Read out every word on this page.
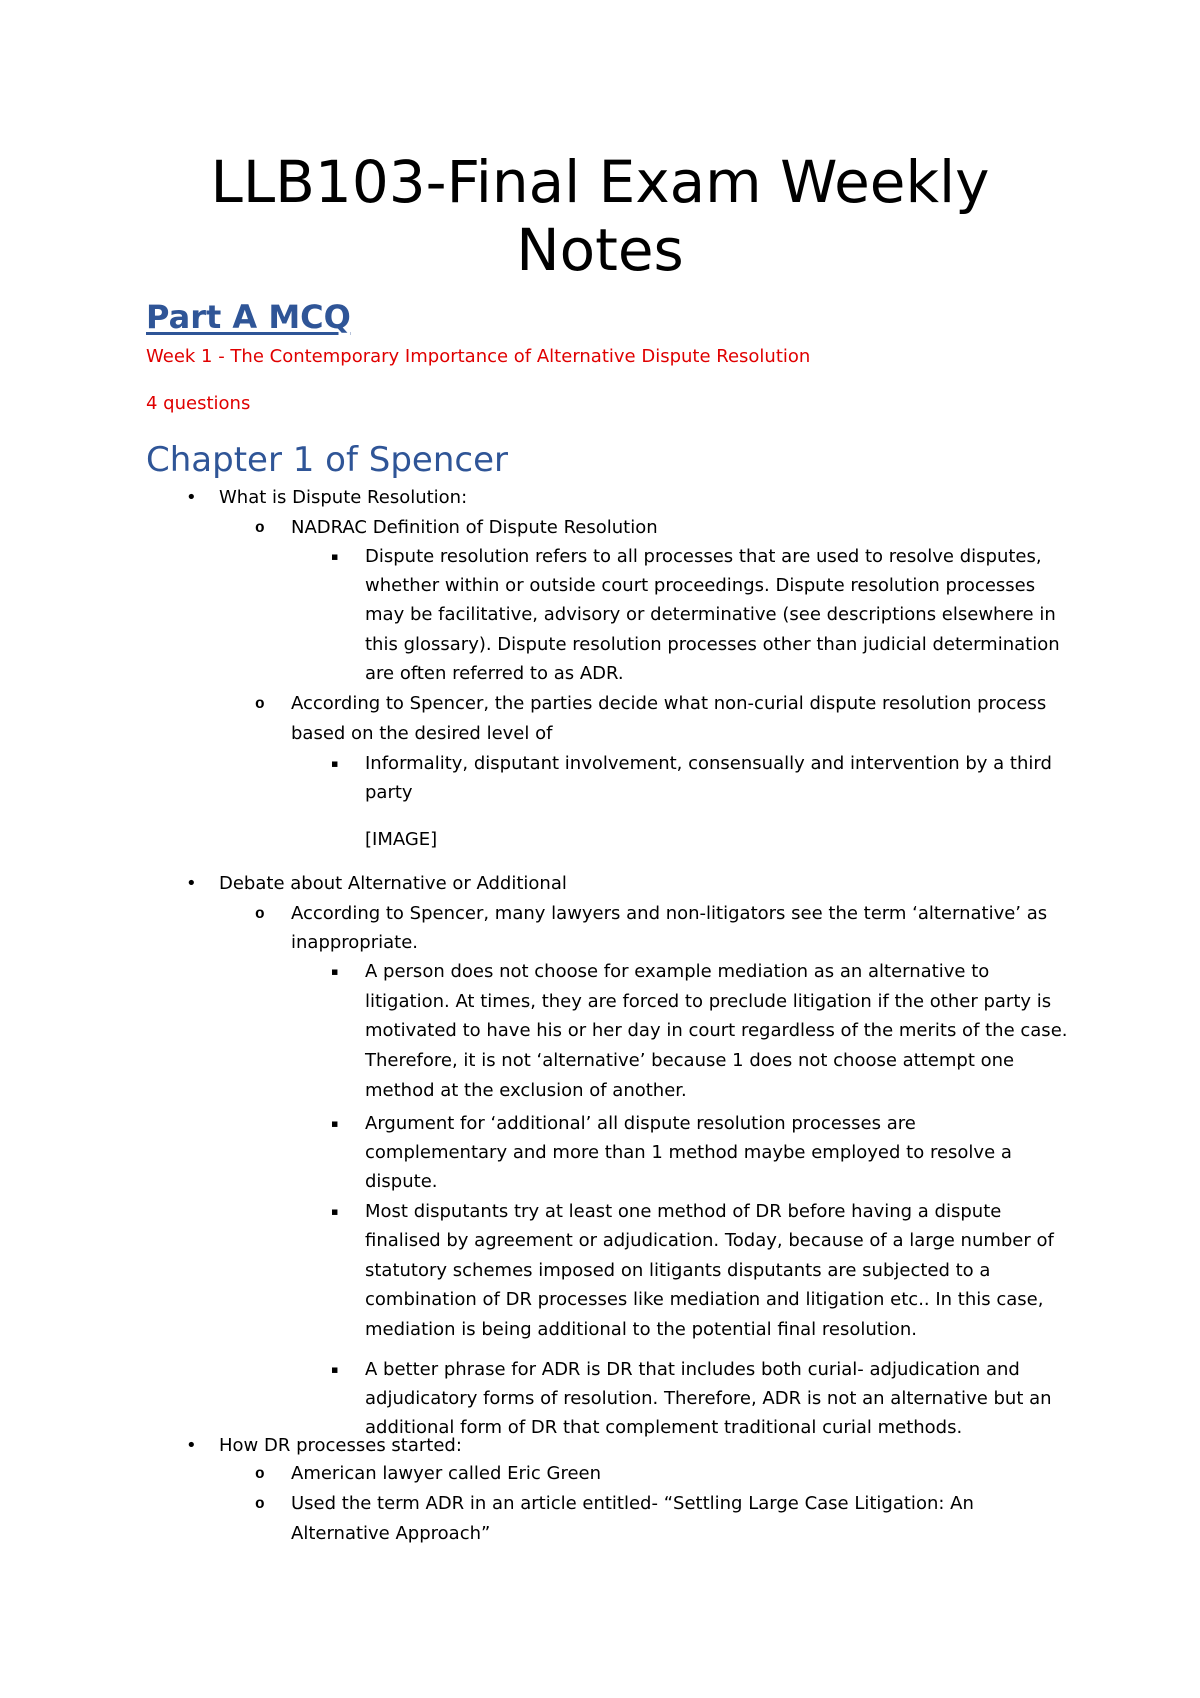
LLB103-Final Exam Weekly
Notes
Part A MCQ

Week 1 - The Contemporary Importance of Alternative Dispute Resolution

4 questions

Chapter 1 of Spencer
•
o
▪
o
▪
•
o
▪
▪
▪
▪
•
o
o
What is Dispute Resolution:
NADRAC Definition of Dispute Resolution
Dispute resolution refers to all processes that are used to resolve disputes,
whether within or outside court proceedings. Dispute resolution processes
may be facilitative, advisory or determinative (see descriptions elsewhere in
this glossary). Dispute resolution processes other than judicial determination
are often referred to as ADR.
According to Spencer, the parties decide what non-curial dispute resolution process
based on the desired level of
Informality, disputant involvement, consensually and intervention by a third
party
[IMAGE]
Debate about Alternative or Additional
According to Spencer, many lawyers and non-litigators see the term ‘alternative’ as
inappropriate.
A person does not choose for example mediation as an alternative to
litigation. At times, they are forced to preclude litigation if the other party is
motivated to have his or her day in court regardless of the merits of the case.
Therefore, it is not ‘alternative’ because 1 does not choose attempt one
method at the exclusion of another.
Argument for ‘additional’ all dispute resolution processes are
complementary and more than 1 method maybe employed to resolve a
dispute.
Most disputants try at least one method of DR before having a dispute
finalised by agreement or adjudication. Today, because of a large number of
statutory schemes imposed on litigants disputants are subjected to a
combination of DR processes like mediation and litigation etc.. In this case,
mediation is being additional to the potential final resolution.
A better phrase for ADR is DR that includes both curial- adjudication and
adjudicatory forms of resolution. Therefore, ADR is not an alternative but an
additional form of DR that complement traditional curial methods.
How DR processes started:
American lawyer called Eric Green
Used the term ADR in an article entitled- “Settling Large Case Litigation: An
Alternative Approach”
